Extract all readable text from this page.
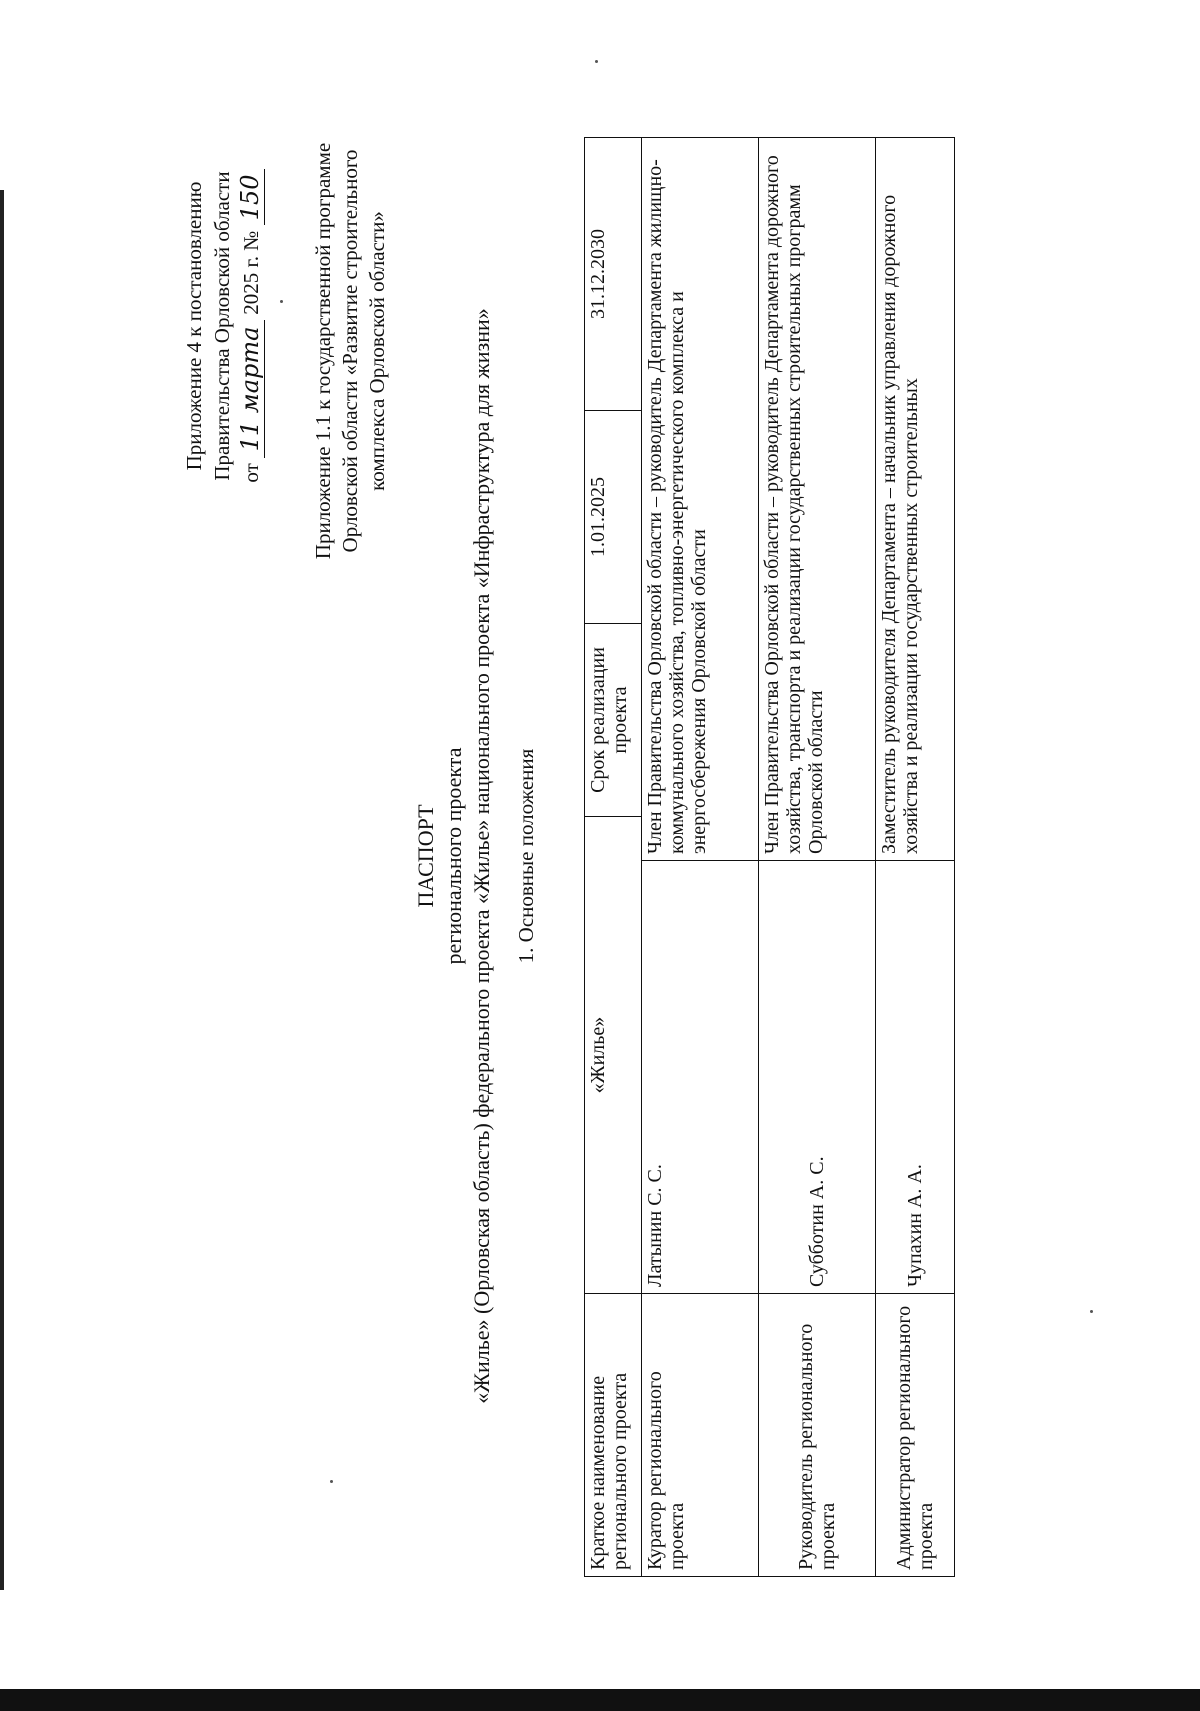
Приложение 4 к постановлению Правительства Орловской области от 11 марта 2025 г. № 150 Приложение 1.1 к государственной программе Орловской области «Развитие строительного комплекса Орловской области»
ПАСПОРТ регионального проекта «Жилье» (Орловская область) федерального проекта «Жилье» национального проекта «Инфраструктура для жизни» 1. Основные положения
Краткое наименование регионального проекта	«Жилье»		Срок реализации проекта	1.01.2025	31.12.2030
Куратор регионального проекта	Латынин С. С.	Член Правительства Орловской области – руководитель Департамента жилищно-коммунального хозяйства, топливно-энергетического комплекса и энергосбережения Орловской области			
Руководитель регионального проекта	Субботин А. С.	Член Правительства Орловской области – руководитель Департамента дорожного хозяйства, транспорта и реализации государственных строительных программ Орловской области			
Администратор регионального проекта	Чупахин А. А.	Заместитель руководителя Департамента – начальник управления дорожного хозяйства и реализации государственных строительных			
